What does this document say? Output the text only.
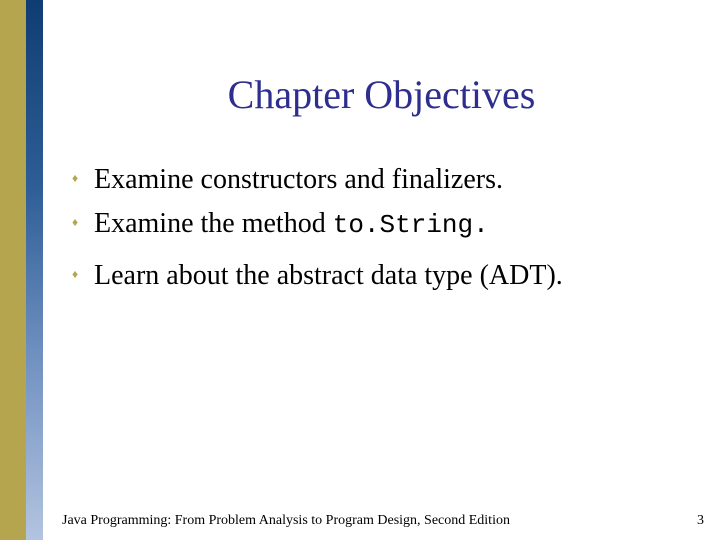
Chapter Objectives
♦ Examine constructors and finalizers.
♦ Examine the method to.String .
♦ Learn about the abstract data type (ADT).
Java Programming: From Problem Analysis to Program Design, Second Edition	3
